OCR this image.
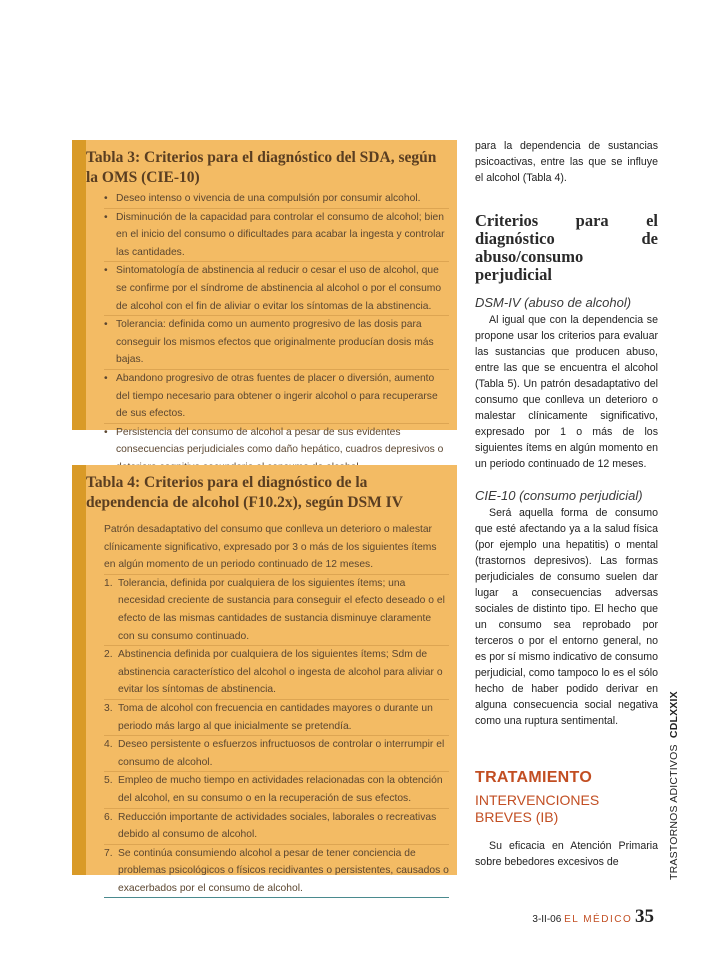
Tabla 3: Criterios para el diagnóstico del SDA, según la OMS (CIE-10)
• Deseo intenso o vivencia de una compulsión por consumir alcohol.
• Disminución de la capacidad para controlar el consumo de alcohol; bien en el inicio del consumo o dificultades para acabar la ingesta y controlar las cantidades.
• Sintomatología de abstinencia al reducir o cesar el uso de alcohol, que se confirme por el síndrome de abstinencia al alcohol o por el consumo de alcohol con el fin de aliviar o evitar los síntomas de la abstinencia.
• Tolerancia: definida como un aumento progresivo de las dosis para conseguir los mismos efectos que originalmente producían dosis más bajas.
• Abandono progresivo de otras fuentes de placer o diversión, aumento del tiempo necesario para obtener o ingerir alcohol o para recuperarse de sus efectos.
• Persistencia del consumo de alcohol a pesar de sus evidentes consecuencias perjudiciales como daño hepático, cuadros depresivos o
Tabla 4: Criterios para el diagnóstico de la dependencia de alcohol (F10.2x), según DSM IV
Patrón desadaptativo del consumo que conlleva un deterioro o malestar clínicamente significativo, expresado por 3 o más de los siguientes ítems en algún momento de un periodo continuado de 12 meses.
1. Tolerancia, definida por cualquiera de los siguientes ítems; una necesidad creciente de sustancia para conseguir el efecto deseado o el efecto de las mismas cantidades de sustancia disminuye claramente con su consumo continuado.
2. Abstinencia definida por cualquiera de los siguientes ítems; Sdm de abstinencia característico del alcohol o ingesta de alcohol para aliviar o evitar los síntomas de abstinencia.
3. Toma de alcohol con frecuencia en cantidades mayores o durante un periodo más largo al que inicialmente se pretendía.
4. Deseo persistente o esfuerzos infructuosos de controlar o interrumpir el consumo de alcohol.
5. Empleo de mucho tiempo en actividades relacionadas con la obtención del alcohol, en su consumo o en la recuperación de sus efectos.
6. Reducción importante de actividades sociales, laborales o recreativas debido al consumo de alcohol.
7. Se continúa consumiendo alcohol a pesar de tener conciencia de problemas psicológicos o físicos recidivantes o persistentes, causados o exacerbados por el consumo de alcohol.

para la dependencia de sustancias psicoactivas, entre las que se influye el alcohol (Tabla 4).

Criterios para el diagnóstico de abuso/consumo perjudicial

DSM-IV (abuso de alcohol)

Al igual que con la dependencia se propone usar los criterios para evaluar las sustancias que producen abuso, entre las que se encuentra el alcohol (Tabla 5). Un patrón desadaptativo del consumo que conlleva un deterioro o malestar clínicamente significativo, expresado por 1 o más de los siguientes ítems en algún momento en un periodo continuado de 12 meses.

CIE-10 (consumo perjudicial)

Será aquella forma de consumo que esté afectando ya a la salud física (por ejemplo una hepatitis) o mental (trastornos depresivos). Las formas perjudiciales de consumo suelen dar lugar a consecuencias adversas sociales de distinto tipo. El hecho que un consumo sea reprobado por terceros o por el entorno general, no es por sí mismo indicativo de consumo perjudicial, como tampoco lo es el sólo hecho de haber podido derivar en alguna consecuencia social negativa como una ruptura sentimental.

TRATAMIENTO

INTERVENCIONES BREVES (IB)

Su eficacia en Atención Primaria sobre bebedores excesivos de	TRASTORNOS ADICTIVOS  CDLXXIX
3-II-06 EL MÉDICO 35
